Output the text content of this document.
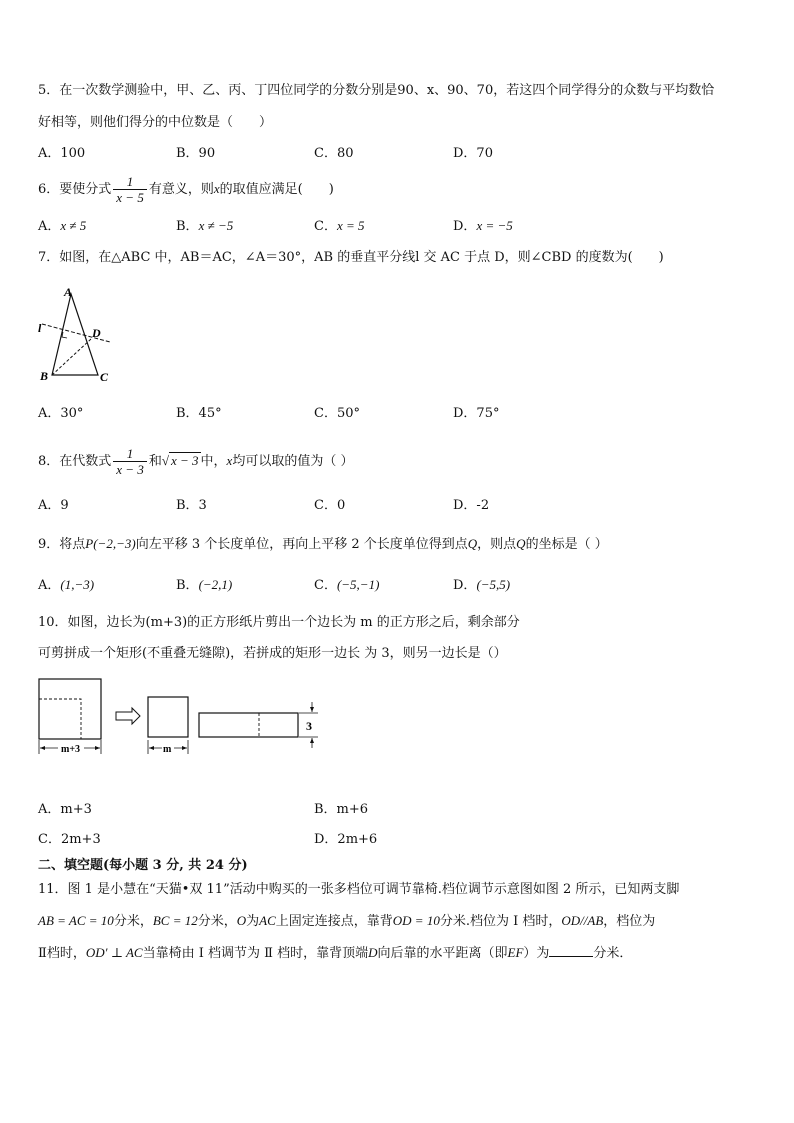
5．在一次数学测验中，甲、乙、丙、丁四位同学的分数分别是90、x、90、70，若这四个同学得分的众数与平均数恰
好相等，则他们得分的中位数是（　　）
A．100	B．90	C．80	D．70
6．要使分式 $\frac{1}{x - 5}$ 有意义，则x的取值应满足(　　)
A．x ≠ 5	B．x ≠ −5	C．x = 5	D．x = −5
7．如图，在△ABC 中，AB＝AC，∠A＝30°，AB 的垂直平分线l 交 AC 于点 D，则∠CBD 的度数为(　　)
A
B	C
D
l
A．30°	B．45°	C．50°	D．75°
8．在代数式 $\frac{1}{x - 3}$ 和√ x − 3 中，x均可以取的值为（ ）
A．9	B．3	C．0	D．-2
9．将点P(−2,−3)向左平移 3 个长度单位，再向上平移 2 个长度单位得到点Q，则点Q的坐标是（ ）
A．(1,−3)	B．(−2,1)	C．(−5,−1)	D．(−5,5)
10．如图，边长为(m+3)的正方形纸片剪出一个边长为 m 的正方形之后，剩余部分
可剪拼成一个矩形(不重叠无缝隙)，若拼成的矩形一边长 为 3，则另一边长是（）
m+3	m
3
A．m+3	B．m+6
C．2m+3	D．2m+6
二、填空题(每小题 3 分, 共 24 分)
11．图 1 是小慧在“天猫•双 11”活动中购买的一张多档位可调节靠椅.档位调节示意图如图 2 所示，已知两支脚
AB = AC = 10分米，BC = 12分米，O为AC上固定连接点，靠背OD = 10分米.档位为 Ⅰ 档时，OD//AB，档位为
Ⅱ档时，OD′ ⊥ AC当靠椅由 Ⅰ 档调节为 Ⅱ 档时，靠背顶端D向后靠的水平距离（即EF）为	分米．
